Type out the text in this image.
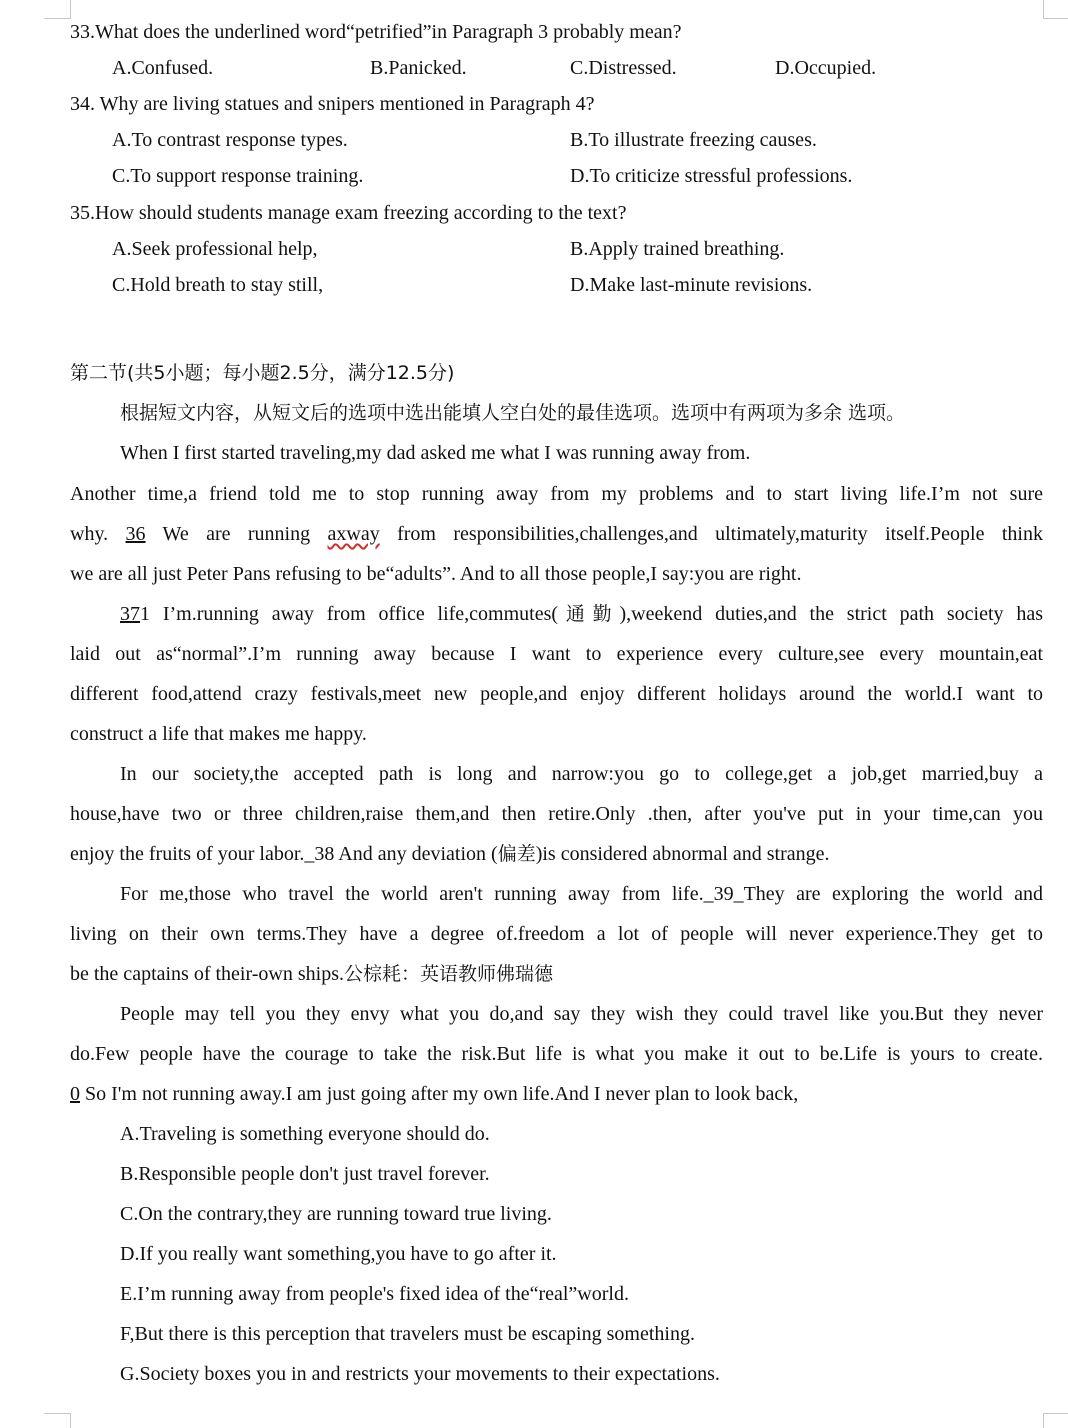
33.What does the underlined word“petrified”in Paragraph 3 probably mean?
A.Confused.	B.Panicked.	C.Distressed.	D.Occupied.
34. Why are living statues and snipers mentioned in Paragraph 4?
A.To contrast response types.	B.To illustrate freezing causes.
C.To support response training.	D.To criticize stressful professions.
35.How should students manage exam freezing according to the text?
A.Seek professional help,	B.Apply trained breathing.
C.Hold breath to stay still,	D.Make last-minute revisions.
第二节(共5小题；每小题2.5分，满分12.5分)
根据短文内容，从短文后的选项中选出能填人空白处的最佳选项。选项中有两项为多余 选项。
When I first started traveling,my dad asked me what I was running away from.
Another time,a friend told me to stop running away from my problems and to start living life.I’m not sure
why. 36 We are running axway from responsibilities,challenges,and ultimately,maturity itself.People think
we are all just Peter Pans refusing to be“adults”. And to all those people,I say:you are right.
371 I’m.running away from office life,commutes(通勤),weekend duties,and the strict path society has
laid out as“normal”.I’m running away because I want to experience every culture,see every mountain,eat
different food,attend crazy festivals,meet new people,and enjoy different holidays around the world.I want to
construct a life that makes me happy.
In our society,the accepted path is long and narrow:you go to college,get a job,get married,buy a
house,have two or three children,raise them,and then retire.Only .then, after you've put in your time,can you
enjoy the fruits of your labor._38 And any deviation (偏差)is considered abnormal and strange.
For me,those who travel the world aren't running away from life._39_They are exploring the world and
living on their own terms.They have a degree of.freedom a lot of people will never experience.They get to
be the captains of their-own ships.公棕耗：英语教师佛瑞德
People may tell you they envy what you do,and say they wish they could travel like you.But they never
do.Few people have the courage to take the risk.But life is what you make it out to be.Life is yours to create.
0 So I'm not running away.I am just going after my own life.And I never plan to look back,
A.Traveling is something everyone should do.
B.Responsible people don't just travel forever.
C.On the contrary,they are running toward true living.
D.If you really want something,you have to go after it.
E.I’m running away from people's fixed idea of the“real”world.
F,But there is this perception that travelers must be escaping something.
G.Society boxes you in and restricts your movements to their expectations.
